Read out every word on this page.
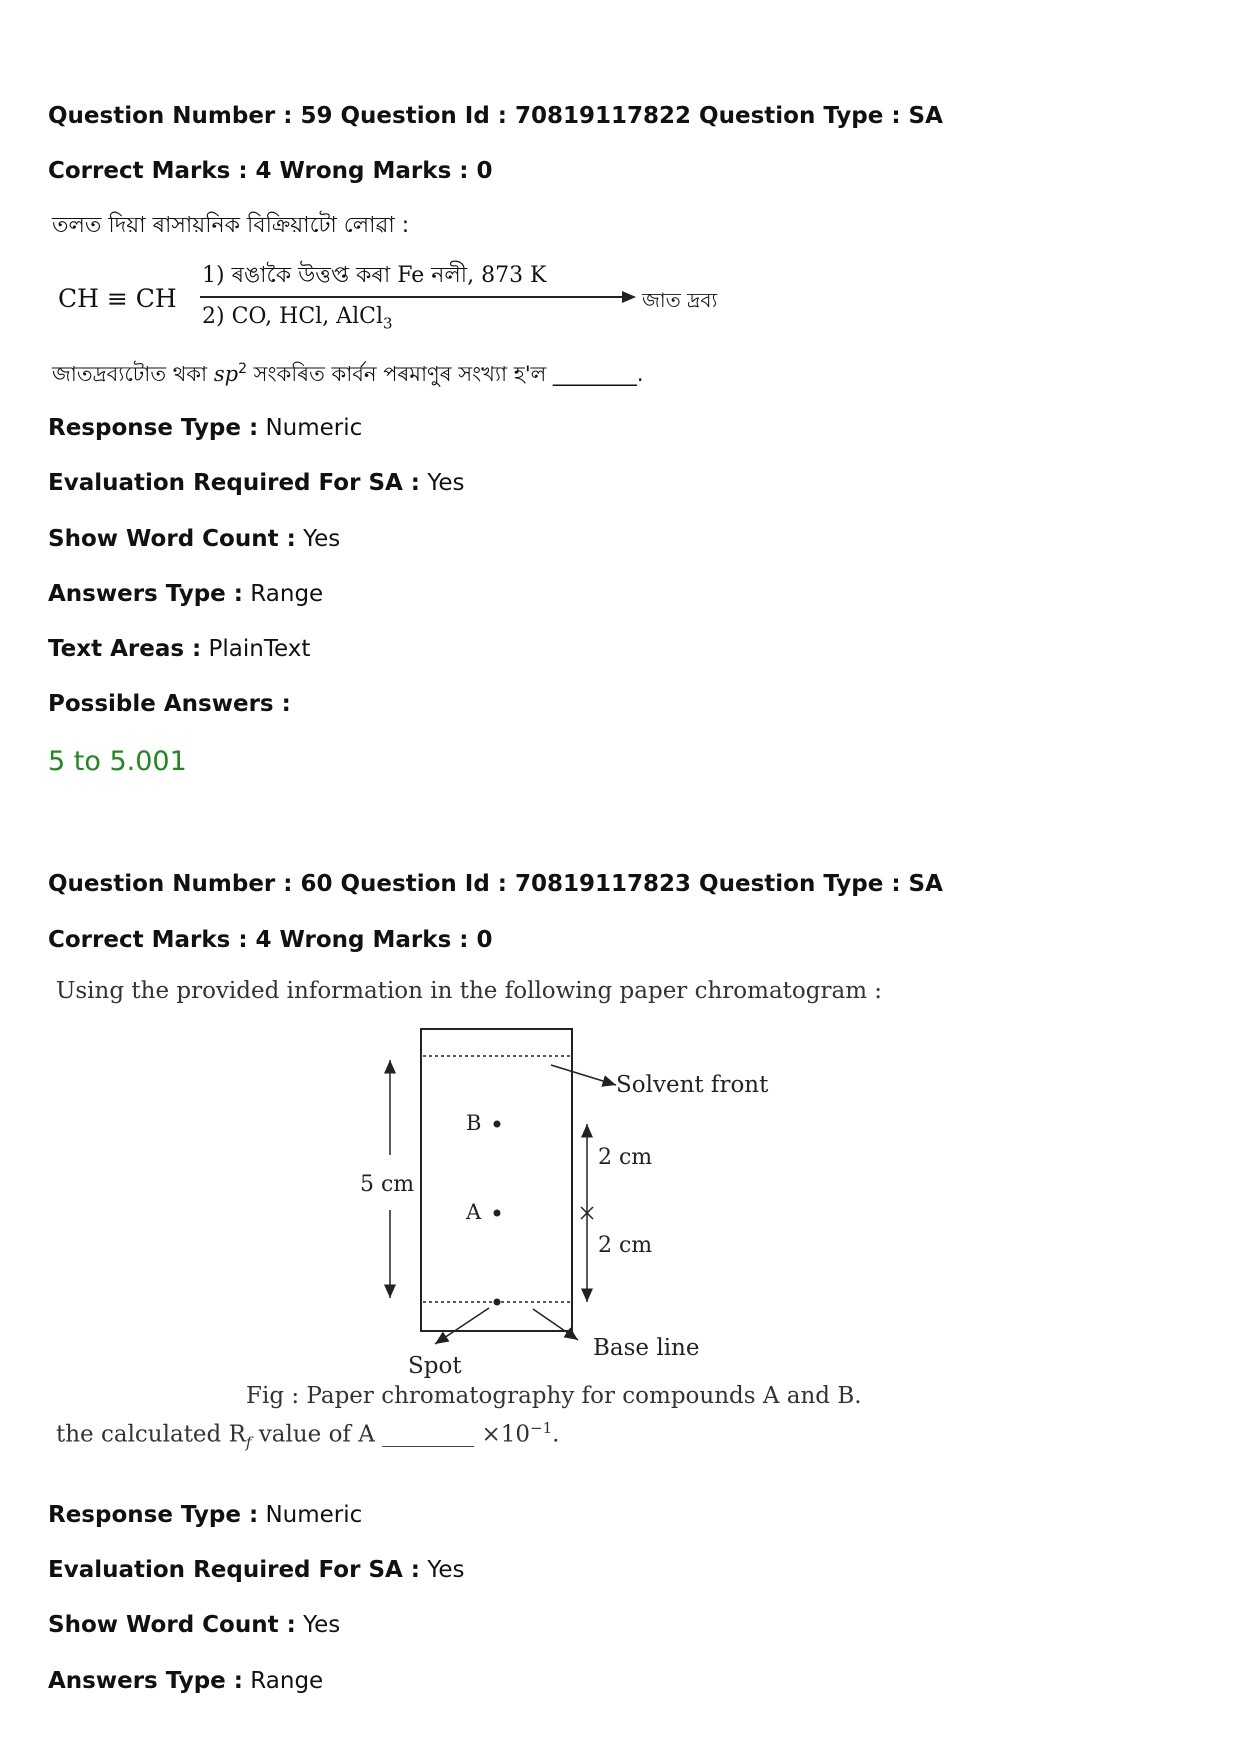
Question Number : 59 Question Id : 70819117822 Question Type : SA
Correct Marks : 4 Wrong Marks : 0
তলত দিয়া ৰাসায়নিক বিক্ৰিয়াটো লোৱা :
CH ≡ CH
1) ৰঙাকৈ উত্তপ্ত কৰা Fe নলী, 873 K
2) CO, HCl, AlCl$_3$
জাত দ্ৰব্য
জাতদ্ৰব্যটোত থকা $sp^2$ সংকৰিত কাৰ্বন পৰমাণুৰ সংখ্যা হ'ল ________.
Response Type : Numeric
Evaluation Required For SA : Yes
Show Word Count : Yes
Answers Type : Range
Text Areas : PlainText
Possible Answers :
5 to 5.001
Question Number : 60 Question Id : 70819117823 Question Type : SA
Correct Marks : 4 Wrong Marks : 0
Using the provided information in the following paper chromatogram :
Solvent front
B
A
5 cm
2 cm
2 cm
Spot
Base line
Fig : Paper chromatography for compounds A and B.
the calculated $R_f$ value of A ________ $\times 10^{-1}$.
Response Type : Numeric
Evaluation Required For SA : Yes
Show Word Count : Yes
Answers Type : Range
